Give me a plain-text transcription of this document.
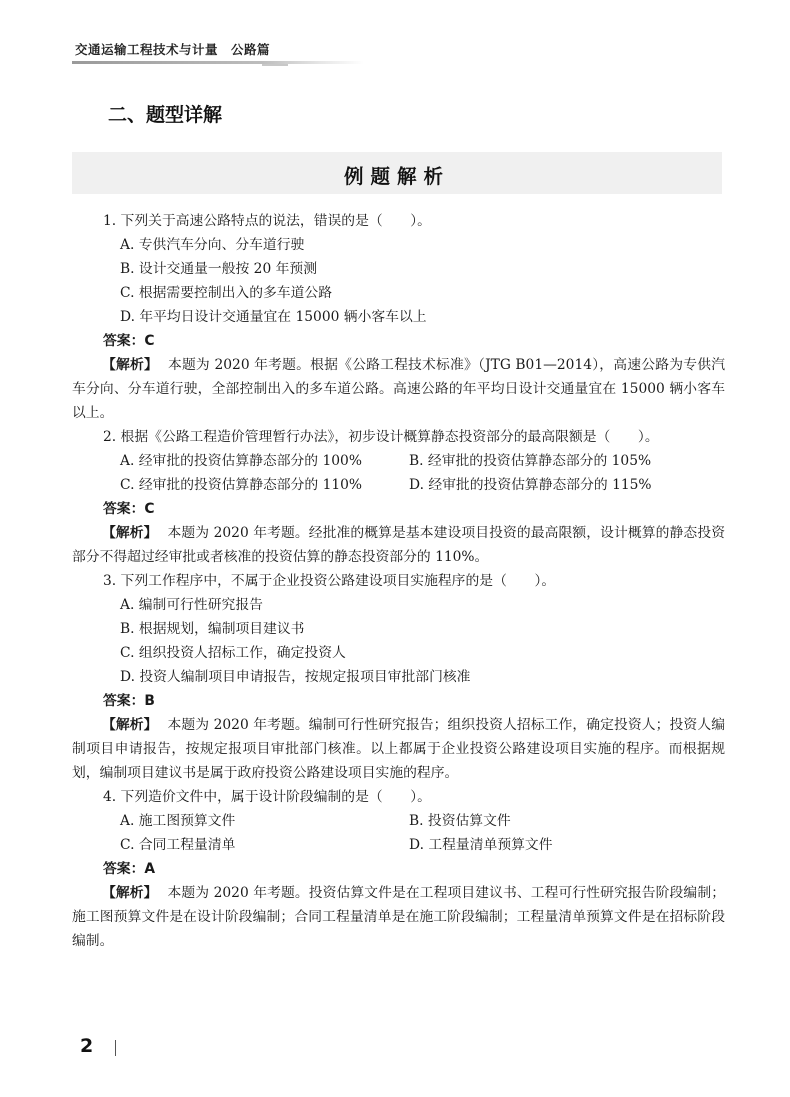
交通运输工程技术与计量　公路篇
二、题型详解
例题解析
1. 下列关于高速公路特点的说法，错误的是（　　）。
A. 专供汽车分向、分车道行驶
B. 设计交通量一般按 20 年预测
C. 根据需要控制出入的多车道公路
D. 年平均日设计交通量宜在 15000 辆小客车以上
答案：C
【解析】 本题为 2020 年考题。根据《公路工程技术标准》（JTG B01—2014），高速公路为专供汽车分向、分车道行驶，全部控制出入的多车道公路。高速公路的年平均日设计交通量宜在 15000 辆小客车以上。
2. 根据《公路工程造价管理暂行办法》，初步设计概算静态投资部分的最高限额是（　　）。
A. 经审批的投资估算静态部分的 100%	B. 经审批的投资估算静态部分的 105%
C. 经审批的投资估算静态部分的 110%	D. 经审批的投资估算静态部分的 115%
答案：C
【解析】 本题为 2020 年考题。经批准的概算是基本建设项目投资的最高限额，设计概算的静态投资部分不得超过经审批或者核准的投资估算的静态投资部分的 110%。
3. 下列工作程序中，不属于企业投资公路建设项目实施程序的是（　　）。
A. 编制可行性研究报告
B. 根据规划，编制项目建议书
C. 组织投资人招标工作，确定投资人
D. 投资人编制项目申请报告，按规定报项目审批部门核准
答案：B
【解析】 本题为 2020 年考题。编制可行性研究报告；组织投资人招标工作，确定投资人；投资人编制项目申请报告，按规定报项目审批部门核准。以上都属于企业投资公路建设项目实施的程序。而根据规划，编制项目建议书是属于政府投资公路建设项目实施的程序。
4. 下列造价文件中，属于设计阶段编制的是（　　）。
A. 施工图预算文件	B. 投资估算文件
C. 合同工程量清单	D. 工程量清单预算文件
答案：A
【解析】 本题为 2020 年考题。投资估算文件是在工程项目建议书、工程可行性研究报告阶段编制；施工图预算文件是在设计阶段编制；合同工程量清单是在施工阶段编制；工程量清单预算文件是在招标阶段编制。
2
